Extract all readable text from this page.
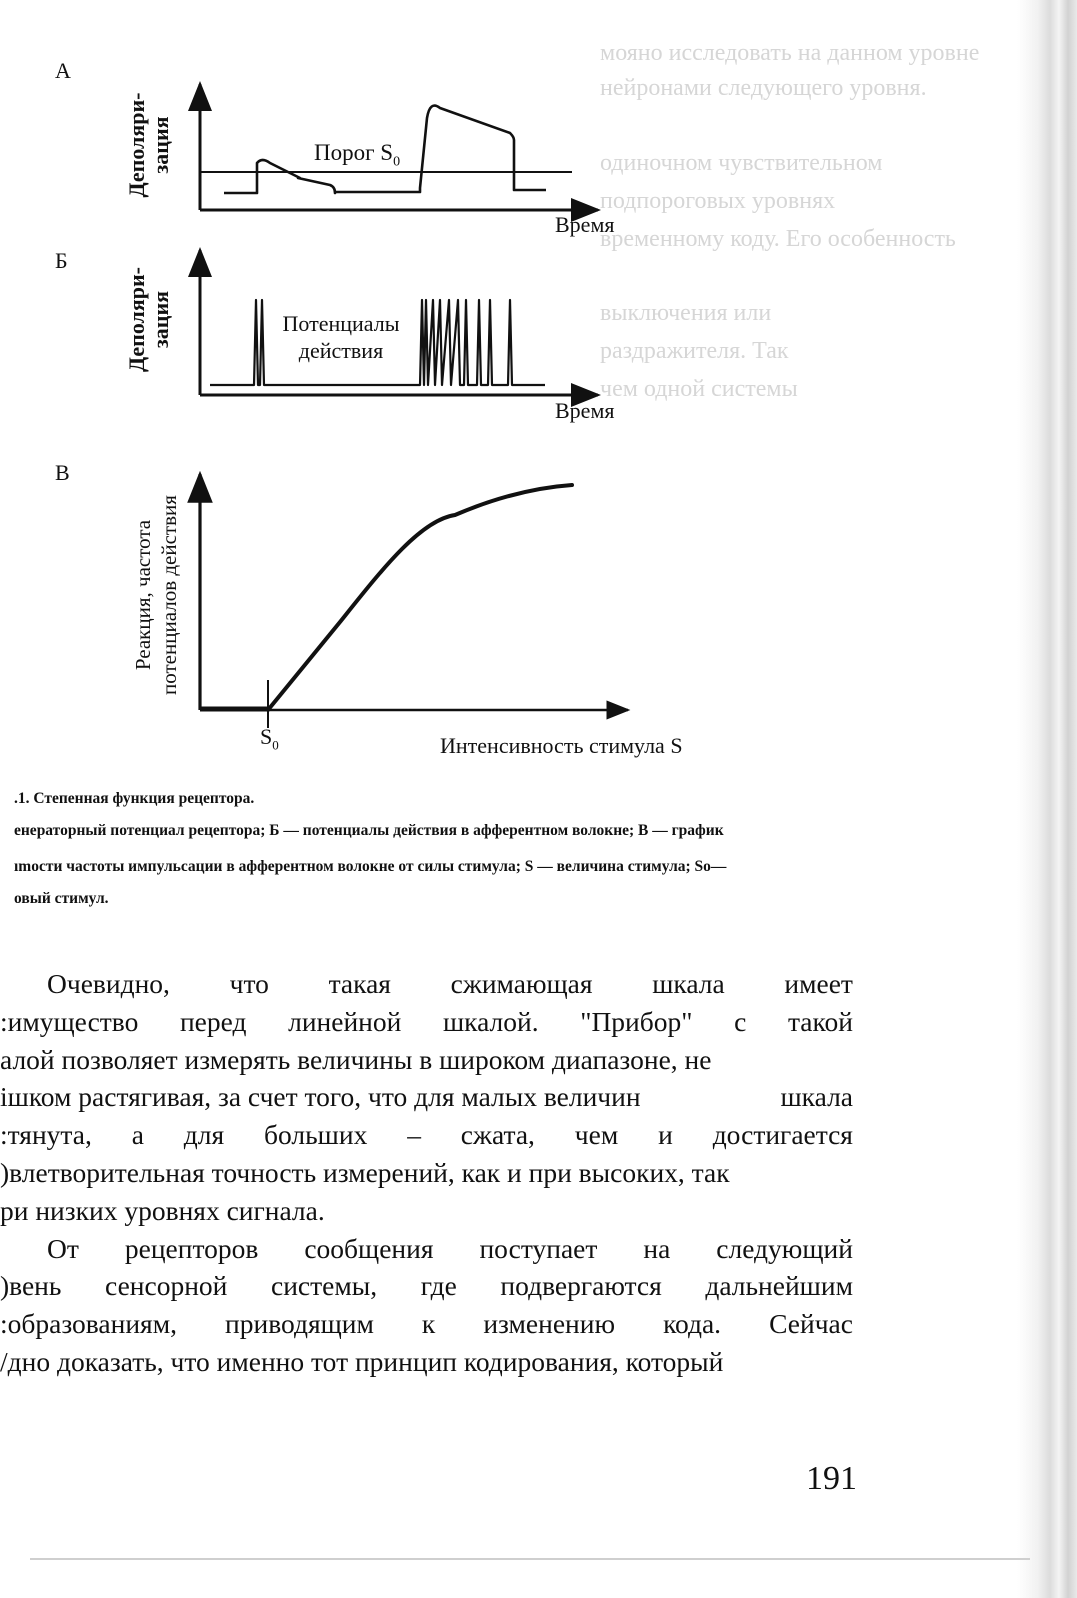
мояно исследовать на данном уровне
нейронами следующего уровня.
одиночном чувствительном
подпороговых уровнях
временному коду. Его особенность
выключения или
раздражителя. Так
чем одной системы
А
Деполяри- зация	Порог $S_0$
Время
Б
Деполяри- зация	Потенциалы
действия
Время
В
Реакция, частота потенциалов действия
$S_0$	Интенсивность стимула S
.1. Степенная функция рецептора.
енераторный потенциал рецептора; Б — потенциалы действия в афферентном волокне; В — график
ımости частоты импульсации в афферентном волокне от силы стимула; S — величина стимула; So—
овый стимул.
Очевидно, что такая сжимающая шкала имеет
:имущество перед линейной шкалой. "Прибор" с такой
алой позволяет измерять величины в широком диапазоне, не
ішком растягивая, за счет того, что для малых величин	шкала
:тянута, а для больших – сжата, чем и достигается
)влетворительная точность измерений, как и при высоких, так
ри низких уровнях сигнала.
От рецепторов сообщения поступает на следующий
)вень сенсорной системы, где подвергаются дальнейшим
:образованиям, приводящим к изменению кода. Сейчас
/дно доказать, что именно тот принцип кодирования, который
191
